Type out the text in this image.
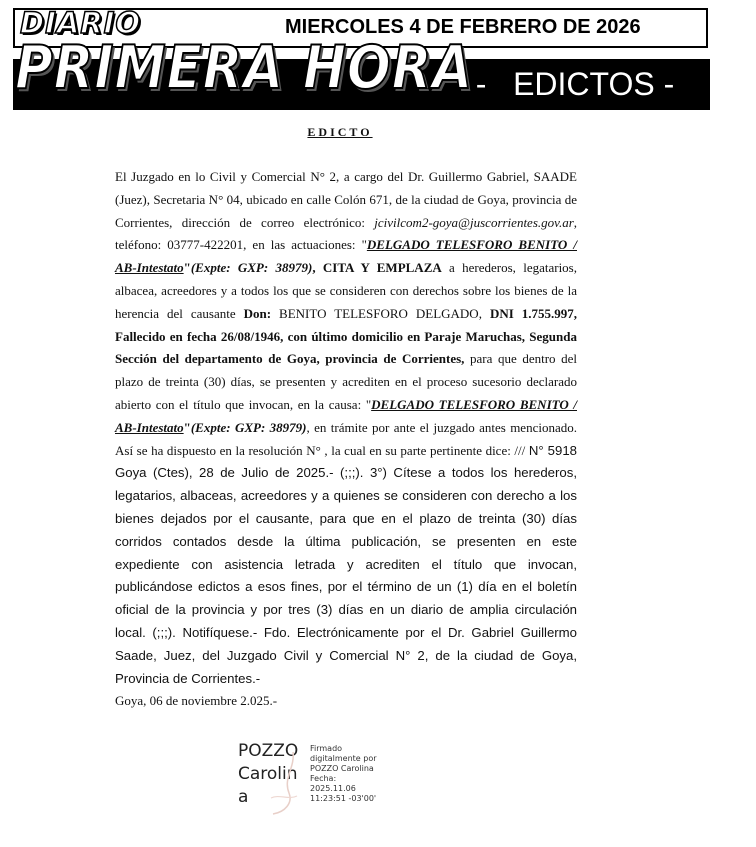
DIARIO	MIERCOLES 4 DE FEBRERO DE 2026
PRIMERA HORA -   EDICTOS -
EDICTO

El Juzgado en lo Civil y Comercial N° 2, a cargo del Dr. Guillermo Gabriel, SAADE (Juez), Secretaria N° 04, ubicado en calle Colón 671, de la ciudad de Goya, provincia de Corrientes, dirección de correo electrónico: jcivilcom2-goya@juscorrientes.gov.ar, teléfono: 03777-422201, en las actuaciones: "DELGADO TELESFORO BENITO / AB-Intestato"(Expte: GXP: 38979), CITA Y EMPLAZA a herederos, legatarios, albacea, acreedores y a todos los que se consideren con derechos sobre los bienes de la herencia del causante Don: BENITO TELESFORO DELGADO, DNI 1.755.997, Fallecido en fecha 26/08/1946, con último domicilio en Paraje Maruchas, Segunda Sección del departamento de Goya, provincia de Corrientes, para que dentro del plazo de treinta (30) días, se presenten y acrediten en el proceso sucesorio declarado abierto con el título que invocan, en la causa: "DELGADO TELESFORO BENITO / AB-Intestato"(Expte: GXP: 38979), en trámite por ante el juzgado antes mencionado. Así se ha dispuesto en la resolución N° , la cual en su parte pertinente dice: /// N° 5918 Goya (Ctes), 28 de Julio de 2025.- (;;;). 3°) Cítese a todos los herederos, legatarios, albaceas, acreedores y a quienes se consideren con derecho a los bienes dejados por el causante, para que en el plazo de treinta (30) días corridos contados desde la última publicación, se presenten en este expediente con asistencia letrada y acrediten el título que invocan, publicándose edictos a esos fines, por el término de un (1) día en el boletín oficial de la provincia y por tres (3) días en un diario de amplia circulación local. (;;;). Notifíquese.- Fdo. Electrónicamente por el Dr. Gabriel Guillermo Saade, Juez, del Juzgado Civil y Comercial N° 2, de la ciudad de Goya, Provincia de Corrientes.-

Goya, 06 de noviembre 2.025.-

POZZO
Carolin
a
Firmado
digitalmente por
POZZO Carolina
Fecha:
2025.11.06
11:23:51 -03'00'
